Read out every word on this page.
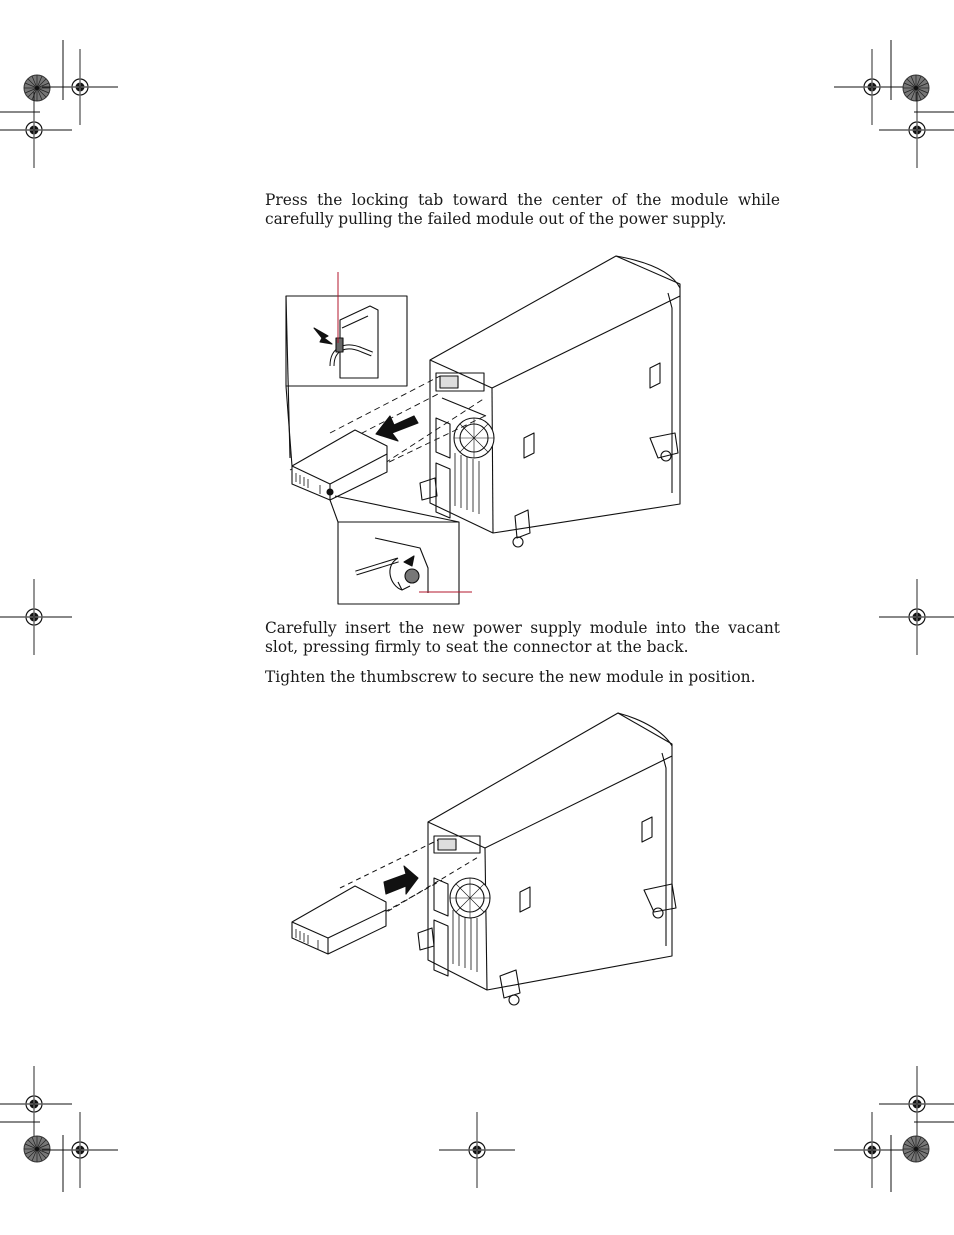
Press the locking tab toward the center of the module while carefully pulling the failed module out of the power supply.

Carefully insert the new power supply module into the vacant slot, pressing firmly to seat the connector at the back.

Tighten the thumbscrew to secure the new module in position.
